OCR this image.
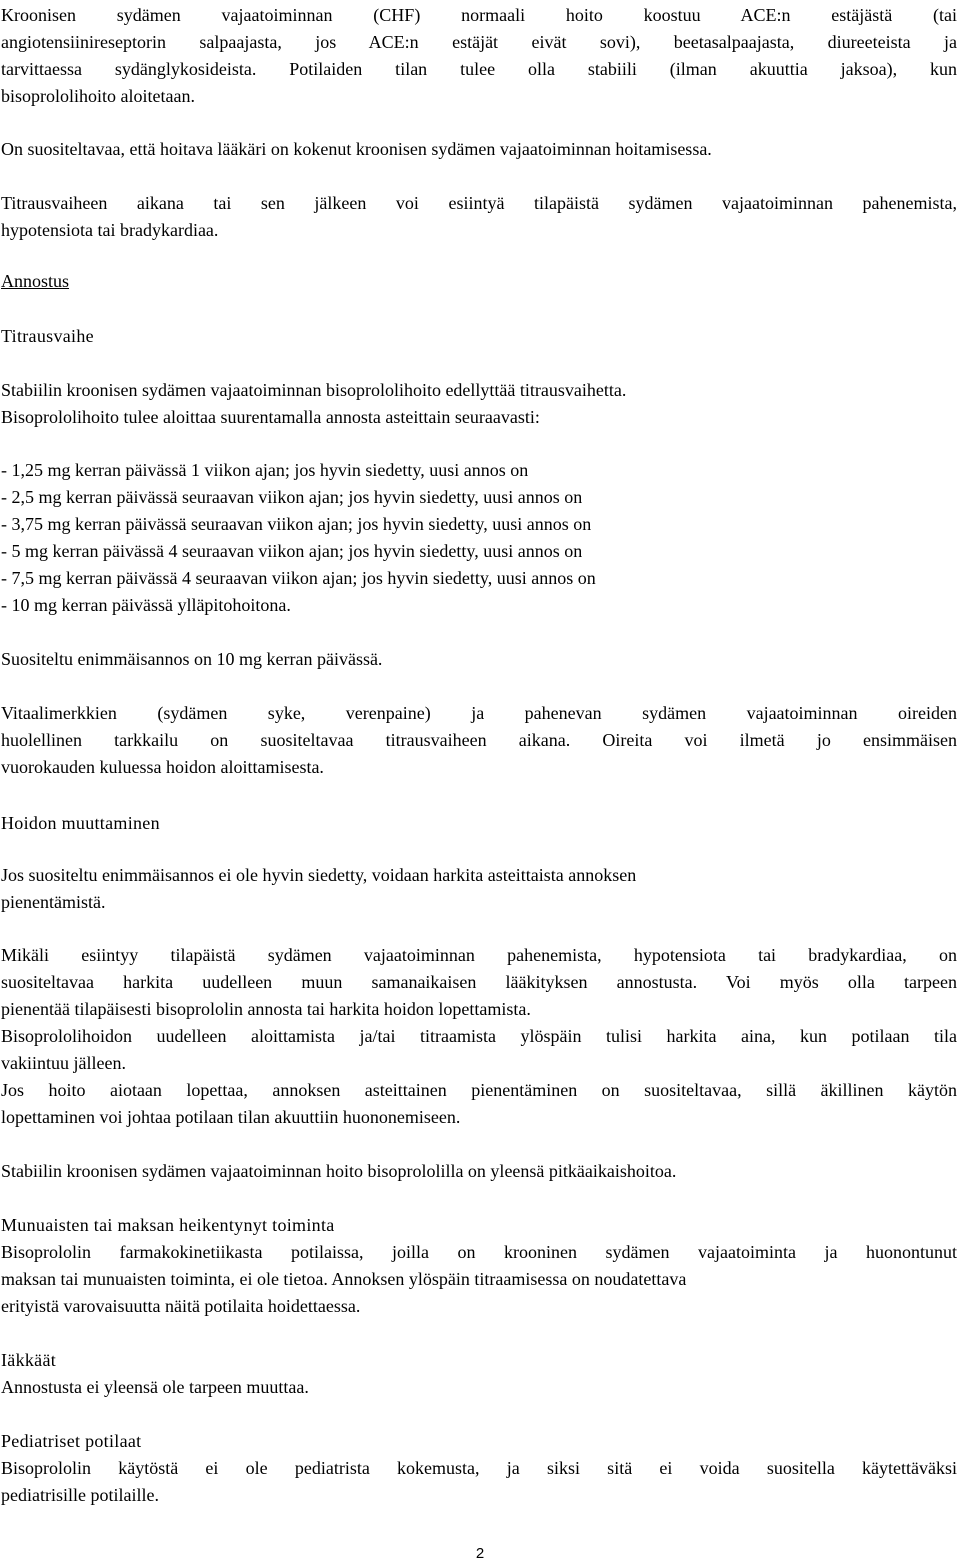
Kroonisen sydämen vajaatoiminnan (CHF) normaali hoito koostuu ACE:n estäjästä (tai
angiotensiinireseptorin salpaajasta, jos ACE:n estäjät eivät sovi), beetasalpaajasta, diureeteista ja
tarvittaessa sydänglykosideista. Potilaiden tilan tulee olla stabiili (ilman akuuttia jaksoa), kun
bisoprololihoito aloitetaan.
On suositeltavaa, että hoitava lääkäri on kokenut kroonisen sydämen vajaatoiminnan hoitamisessa.
Titrausvaiheen aikana tai sen jälkeen voi esiintyä tilapäistä sydämen vajaatoiminnan pahenemista,
hypotensiota tai bradykardiaa.
Annostus
Titrausvaihe
Stabiilin kroonisen sydämen vajaatoiminnan bisoprololihoito edellyttää titrausvaihetta.
Bisoprololihoito tulee aloittaa suurentamalla annosta asteittain seuraavasti:
- 1,25 mg kerran päivässä 1 viikon ajan; jos hyvin siedetty, uusi annos on
- 2,5 mg kerran päivässä seuraavan viikon ajan; jos hyvin siedetty, uusi annos on
- 3,75 mg kerran päivässä seuraavan viikon ajan; jos hyvin siedetty, uusi annos on
- 5 mg kerran päivässä 4 seuraavan viikon ajan; jos hyvin siedetty, uusi annos on
- 7,5 mg kerran päivässä 4 seuraavan viikon ajan; jos hyvin siedetty, uusi annos on
- 10 mg kerran päivässä ylläpitohoitona.
Suositeltu enimmäisannos on 10 mg kerran päivässä.
Vitaalimerkkien (sydämen syke, verenpaine) ja pahenevan sydämen vajaatoiminnan oireiden
huolellinen tarkkailu on suositeltavaa titrausvaiheen aikana. Oireita voi ilmetä jo ensimmäisen
vuorokauden kuluessa hoidon aloittamisesta.
Hoidon muuttaminen
Jos suositeltu enimmäisannos ei ole hyvin siedetty, voidaan harkita asteittaista annoksen
pienentämistä.
Mikäli esiintyy tilapäistä sydämen vajaatoiminnan pahenemista, hypotensiota tai bradykardiaa, on
suositeltavaa harkita uudelleen muun samanaikaisen lääkityksen annostusta. Voi myös olla tarpeen
pienentää tilapäisesti bisoprololin annosta tai harkita hoidon lopettamista.
Bisoprololihoidon uudelleen aloittamista ja/tai titraamista ylöspäin tulisi harkita aina, kun potilaan tila
vakiintuu jälleen.
Jos hoito aiotaan lopettaa, annoksen asteittainen pienentäminen on suositeltavaa, sillä äkillinen käytön
lopettaminen voi johtaa potilaan tilan akuuttiin huononemiseen.
Stabiilin kroonisen sydämen vajaatoiminnan hoito bisoprololilla on yleensä pitkäaikaishoitoa.
Munuaisten tai maksan heikentynyt toiminta
Bisoprololin farmakokinetiikasta potilaissa, joilla on krooninen sydämen vajaatoiminta ja huonontunut
maksan tai munuaisten toiminta, ei ole tietoa. Annoksen ylöspäin titraamisessa on noudatettava
erityistä varovaisuutta näitä potilaita hoidettaessa.
Iäkkäät
Annostusta ei yleensä ole tarpeen muuttaa.
Pediatriset potilaat
Bisoprololin käytöstä ei ole pediatrista kokemusta, ja siksi sitä ei voida suositella käytettäväksi
pediatrisille potilaille.
2
